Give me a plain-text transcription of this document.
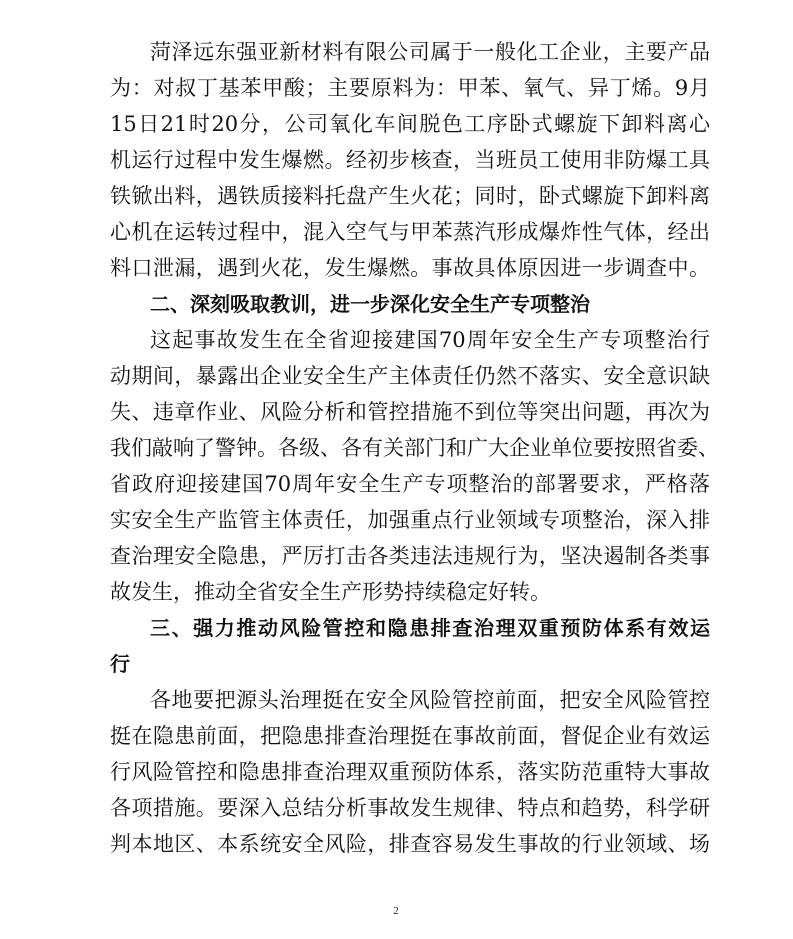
菏泽远东强亚新材料有限公司属于一般化工企业，主要产品
为：对叔丁基苯甲酸；主要原料为：甲苯、氧气、异丁烯。9月
15日21时20分，公司氧化车间脱色工序卧式螺旋下卸料离心
机运行过程中发生爆燃。经初步核查，当班员工使用非防爆工具
铁锨出料，遇铁质接料托盘产生火花；同时，卧式螺旋下卸料离
心机在运转过程中，混入空气与甲苯蒸汽形成爆炸性气体，经出
料口泄漏，遇到火花，发生爆燃。事故具体原因进一步调查中。
二、深刻吸取教训，进一步深化安全生产专项整治
这起事故发生在全省迎接建国70周年安全生产专项整治行
动期间，暴露出企业安全生产主体责任仍然不落实、安全意识缺
失、违章作业、风险分析和管控措施不到位等突出问题，再次为
我们敲响了警钟。各级、各有关部门和广大企业单位要按照省委、
省政府迎接建国70周年安全生产专项整治的部署要求，严格落
实安全生产监管主体责任，加强重点行业领域专项整治，深入排
查治理安全隐患，严厉打击各类违法违规行为，坚决遏制各类事
故发生，推动全省安全生产形势持续稳定好转。
三、强力推动风险管控和隐患排查治理双重预防体系有效运
行
各地要把源头治理挺在安全风险管控前面，把安全风险管控
挺在隐患前面，把隐患排查治理挺在事故前面，督促企业有效运
行风险管控和隐患排查治理双重预防体系，落实防范重特大事故
各项措施。要深入总结分析事故发生规律、特点和趋势，科学研
判本地区、本系统安全风险，排查容易发生事故的行业领域、场
2
